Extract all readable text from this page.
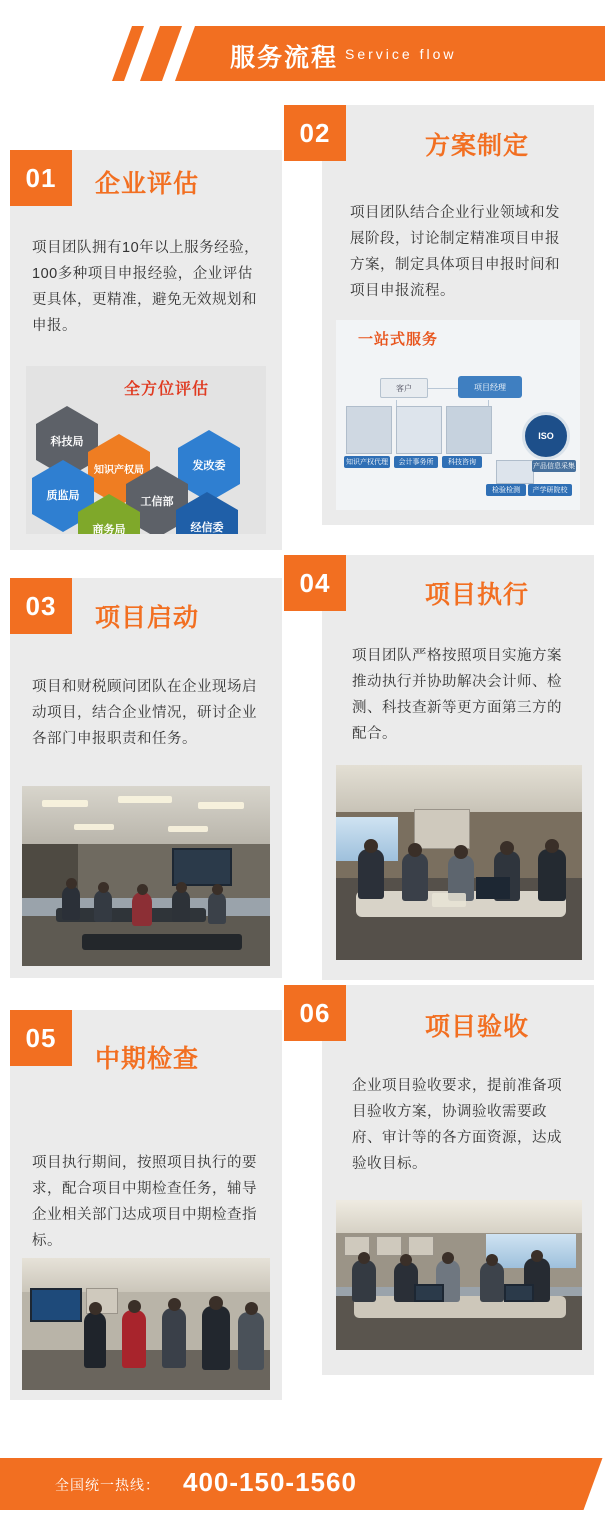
服务流程 Service flow
项目团队拥有10年以上服务经验，100多种项目申报经验，企业评估更具体，更精准，避免无效规划和申报。
全方位评估
科技局
知识产权局	发改委
质监局	工信部
商务局	经信委
01	企业评估
项目团队结合企业行业领域和发展阶段，讨论制定精准项目申报方案，制定具体项目申报时间和项目申报流程。
一站式服务
客户	项目经理
ISO
知识产权代理	会计事务所	科技咨询
检验检测	产学研院校
产品信息采集
02	方案制定
项目和财税顾问团队在企业现场启动项目，结合企业情况，研讨企业各部门申报职责和任务。
03	项目启动
项目团队严格按照项目实施方案推动执行并协助解决会计师、检测、科技查新等更方面第三方的配合。
04	项目执行
项目执行期间，按照项目执行的要求，配合项目中期检查任务，辅导企业相关部门达成项目中期检查指标。
05
中期检查
企业项目验收要求，提前准备项目验收方案，协调验收需要政府、审计等的各方面资源，达成验收目标。
06	项目验收
全国统一热线： 400-150-1560
